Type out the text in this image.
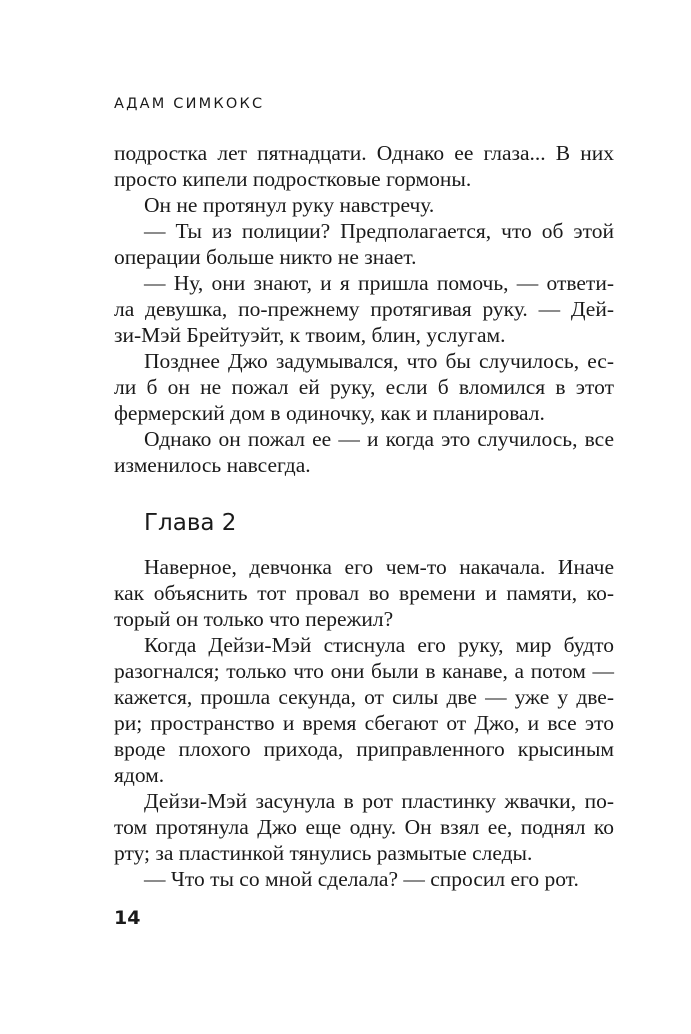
АДАМ СИМКОКС
подростка лет пятнадцати. Однако ее глаза... В них
просто кипели подростковые гормоны.
Он не протянул руку навстречу.
— Ты из полиции? Предполагается, что об этой
операции больше никто не знает.
— Ну, они знают, и я пришла помочь, — ответи-
ла девушка, по-прежнему протягивая руку. — Дей-
зи-Мэй Брейтуэйт, к твоим, блин, услугам.
Позднее Джо задумывался, что бы случилось, ес-
ли б он не пожал ей руку, если б вломился в этот
фермерский дом в одиночку, как и планировал.
Однако он пожал ее — и когда это случилось, все
изменилось навсегда.
Глава 2
Наверное, девчонка его чем-то накачала. Иначе
как объяснить тот провал во времени и памяти, ко-
торый он только что пережил?
Когда Дейзи-Мэй стиснула его руку, мир будто
разогнался; только что они были в канаве, а потом —
кажется, прошла секунда, от силы две — уже у две-
ри; пространство и время сбегают от Джо, и все это
вроде плохого прихода, приправленного крысиным
ядом.
Дейзи-Мэй засунула в рот пластинку жвачки, по-
том протянула Джо еще одну. Он взял ее, поднял ко
рту; за пластинкой тянулись размытые следы.
— Что ты со мной сделала? — спросил его рот.
14
